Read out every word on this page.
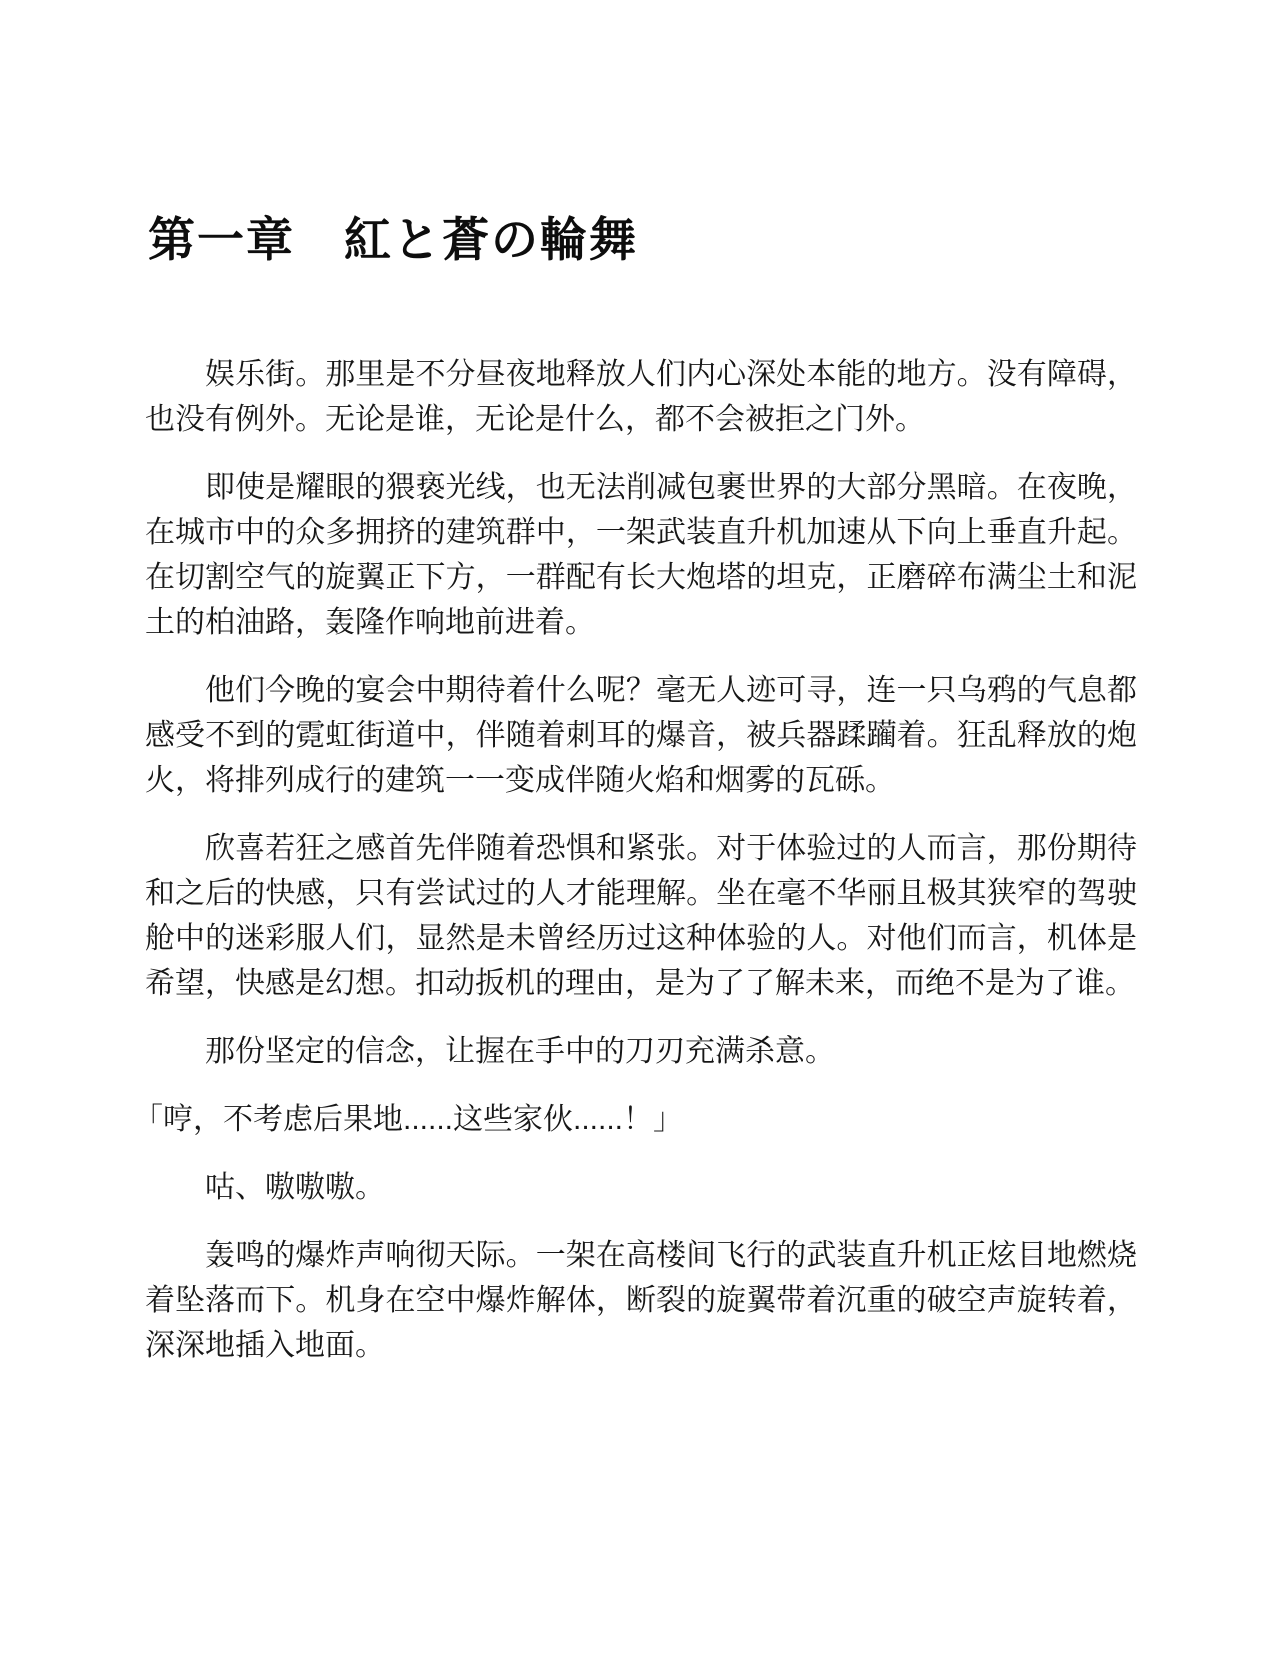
第一章　紅と蒼の輪舞

娱乐街。那里是不分昼夜地释放人们内心深处本能的地方。没有障碍，也没有例外。无论是谁，无论是什么，都不会被拒之门外。

即使是耀眼的猥亵光线，也无法削减包裹世界的大部分黑暗。在夜晚，在城市中的众多拥挤的建筑群中，一架武装直升机加速从下向上垂直升起。在切割空气的旋翼正下方，一群配有长大炮塔的坦克，正磨碎布满尘土和泥土的柏油路，轰隆作响地前进着。

他们今晚的宴会中期待着什么呢？毫无人迹可寻，连一只乌鸦的气息都感受不到的霓虹街道中，伴随着刺耳的爆音，被兵器蹂躏着。狂乱释放的炮火，将排列成行的建筑一一变成伴随火焰和烟雾的瓦砾。

欣喜若狂之感首先伴随着恐惧和紧张。对于体验过的人而言，那份期待和之后的快感，只有尝试过的人才能理解。坐在毫不华丽且极其狭窄的驾驶舱中的迷彩服人们，显然是未曾经历过这种体验的人。对他们而言，机体是希望，快感是幻想。扣动扳机的理由，是为了了解未来，而绝不是为了谁。

那份坚定的信念，让握在手中的刀刃充满杀意。

「哼，不考虑后果地......这些家伙......！」

咕、嗷嗷嗷。

轰鸣的爆炸声响彻天际。一架在高楼间飞行的武装直升机正炫目地燃烧着坠落而下。机身在空中爆炸解体，断裂的旋翼带着沉重的破空声旋转着，深深地插入地面。
